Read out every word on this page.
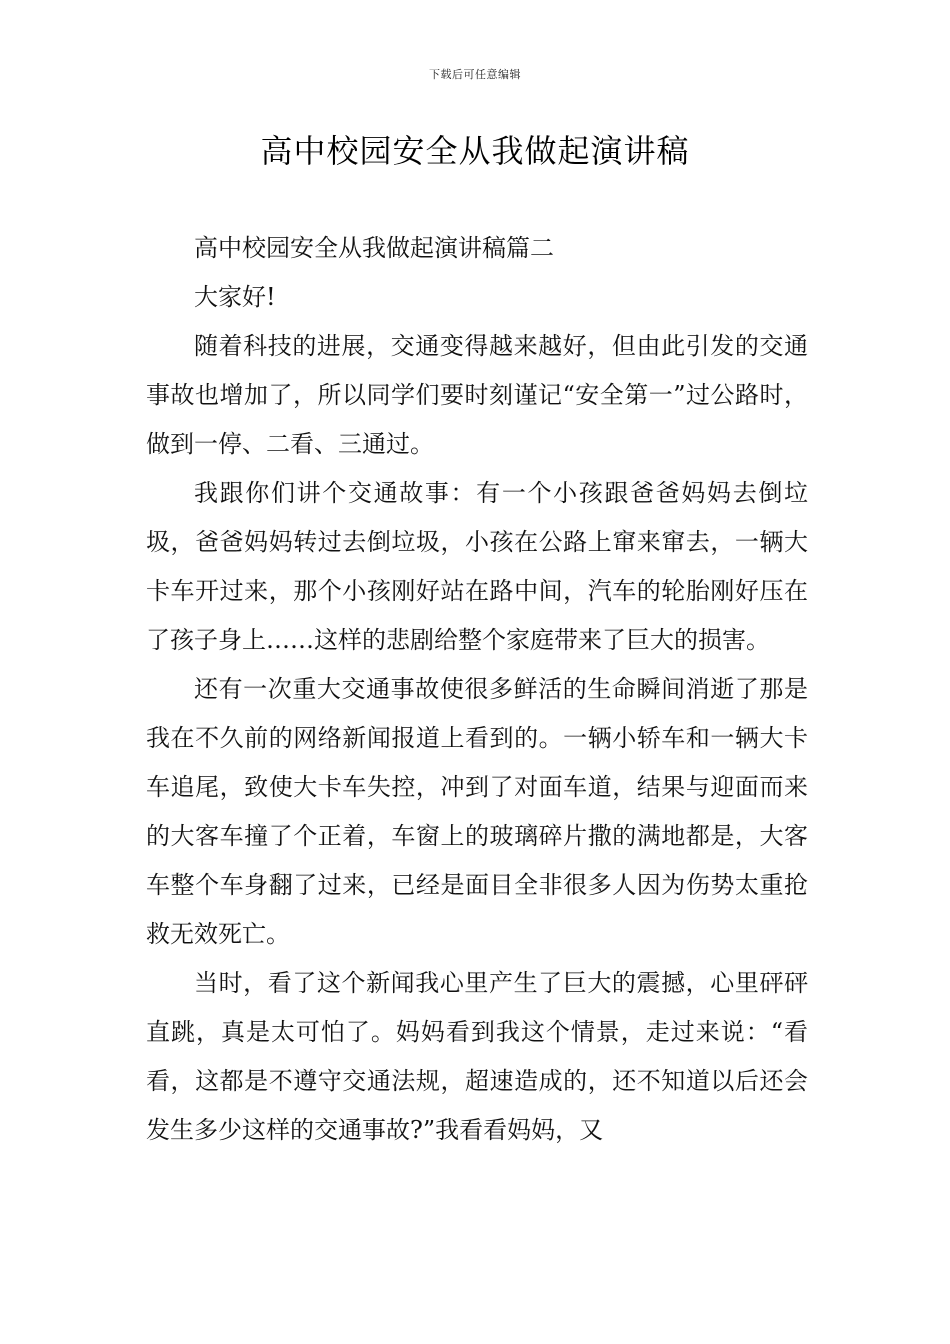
下载后可任意编辑
高中校园安全从我做起演讲稿

高中校园安全从我做起演讲稿篇二

大家好!

随着科技的进展，交通变得越来越好，但由此引发的交通事故也增加了，所以同学们要时刻谨记“安全第一”过公路时，做到一停、二看、三通过。

我跟你们讲个交通故事：有一个小孩跟爸爸妈妈去倒垃圾，爸爸妈妈转过去倒垃圾，小孩在公路上窜来窜去，一辆大卡车开过来，那个小孩刚好站在路中间，汽车的轮胎刚好压在了孩子身上……这样的悲剧给整个家庭带来了巨大的损害。

还有一次重大交通事故使很多鲜活的生命瞬间消逝了那是我在不久前的网络新闻报道上看到的。一辆小轿车和一辆大卡车追尾，致使大卡车失控，冲到了对面车道，结果与迎面而来的大客车撞了个正着，车窗上的玻璃碎片撒的满地都是，大客车整个车身翻了过来，已经是面目全非很多人因为伤势太重抢救无效死亡。

当时，看了这个新闻我心里产生了巨大的震撼，心里砰砰直跳，真是太可怕了。妈妈看到我这个情景，走过来说：“看看，这都是不遵守交通法规，超速造成的，还不知道以后还会发生多少这样的交通事故?”我看看妈妈，又
